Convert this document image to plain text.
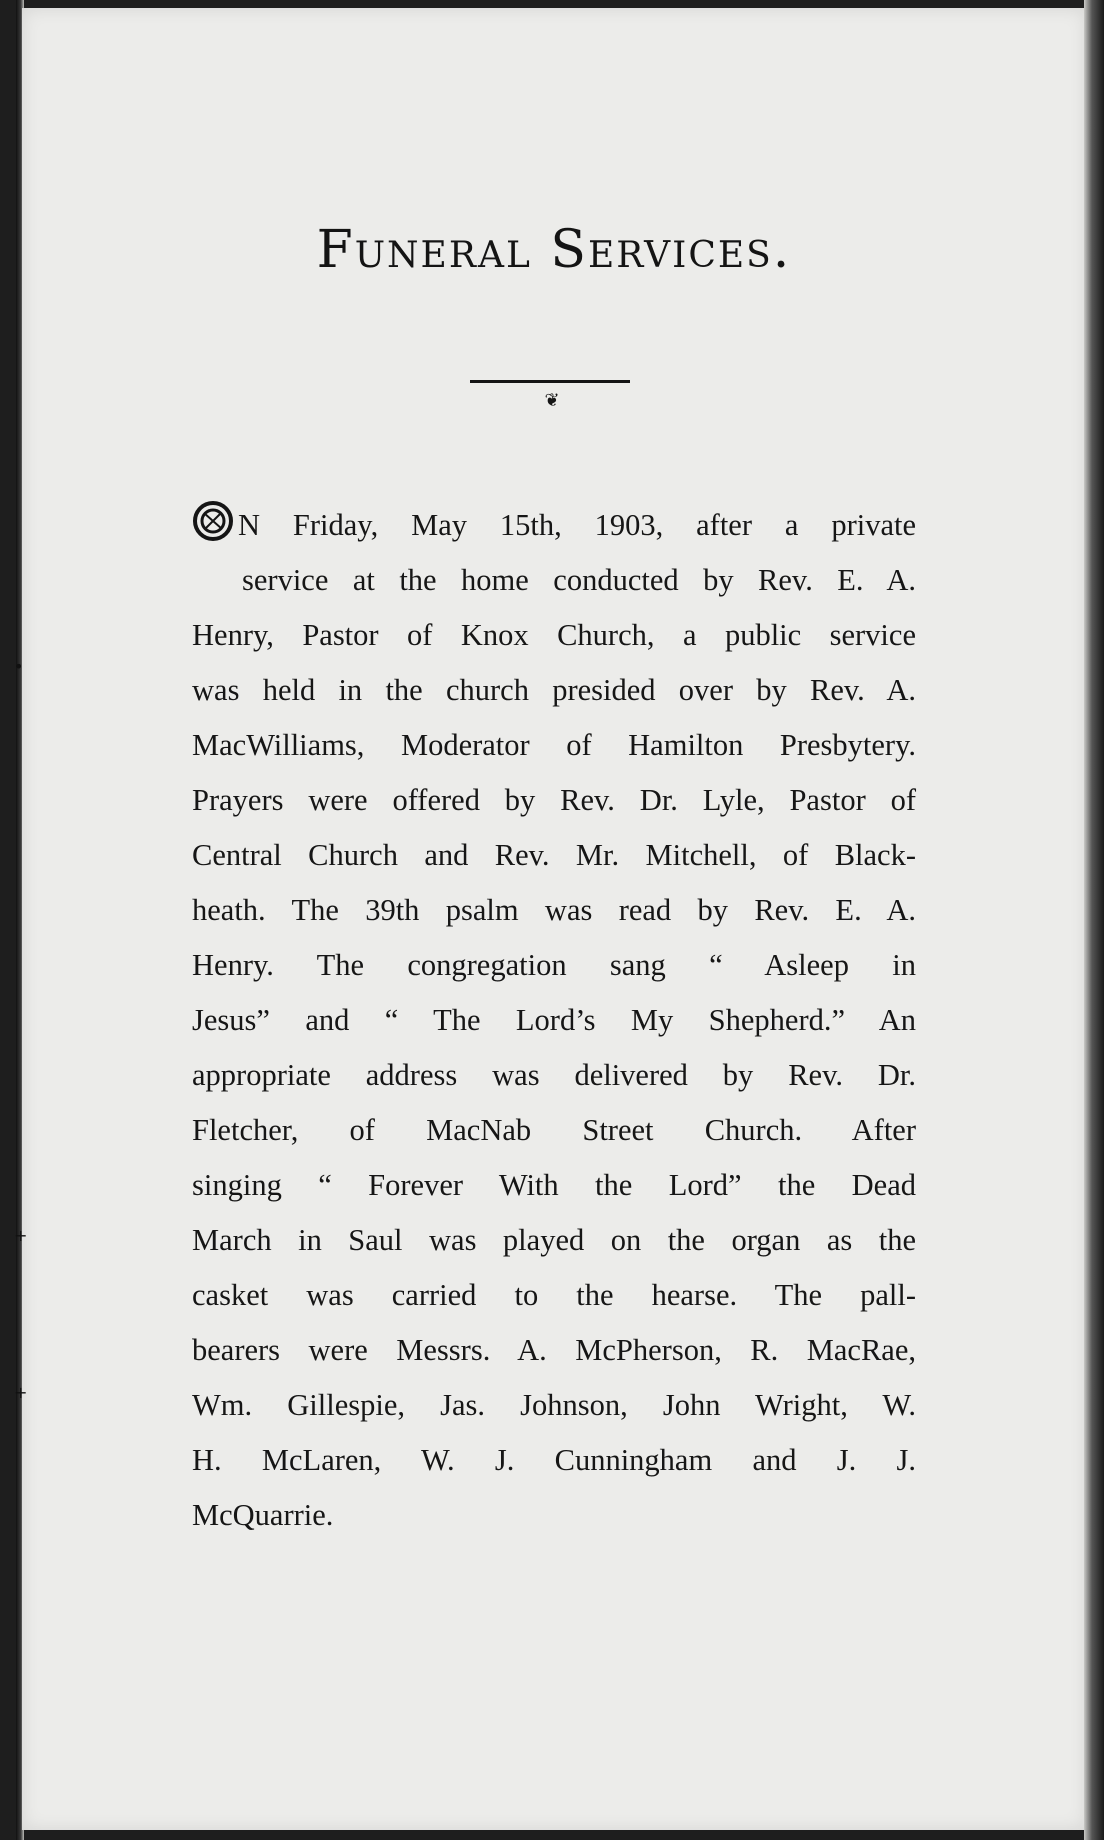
Funeral Services.
❦
N Friday, May 15th, 1903, after a private
service at the home conducted by Rev. E. A.
Henry, Pastor of Knox Church, a public service
was held in the church presided over by Rev. A.
MacWilliams, Moderator of Hamilton Presbytery.
Prayers were offered by Rev. Dr. Lyle, Pastor of
Central Church and Rev. Mr. Mitchell, of Black-
heath. The 39th psalm was read by Rev. E. A.
Henry. The congregation sang “ Asleep in
Jesus” and “ The Lord’s My Shepherd.” An
appropriate address was delivered by Rev. Dr.
Fletcher, of MacNab Street Church. After
singing “ Forever With the Lord” the Dead
March in Saul was played on the organ as the
casket was carried to the hearse. The pall-
bearers were Messrs. A. McPherson, R. MacRae,
Wm. Gillespie, Jas. Johnson, John Wright, W.
H. McLaren, W. J. Cunningham and J. J.
McQuarrie.
•
+
+
